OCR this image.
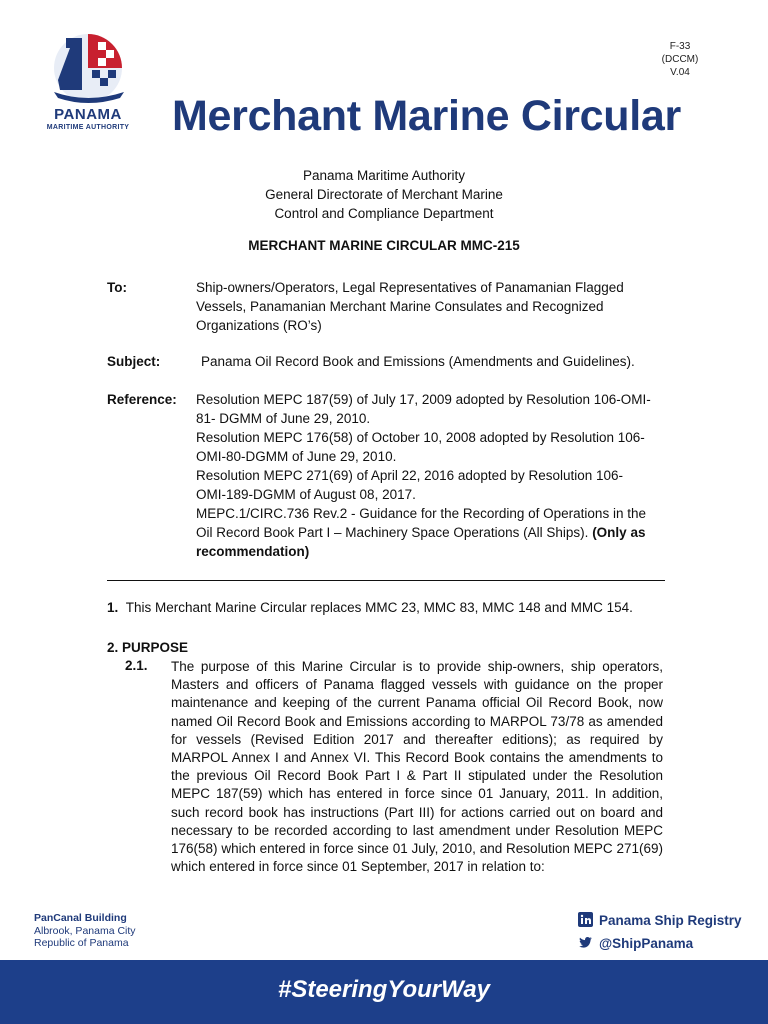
PANAMA
MARITIME AUTHORITY
F-33
(DCCM)
V.04
Merchant Marine Circular
Panama Maritime Authority
General Directorate of Merchant Marine
Control and Compliance Department
MERCHANT MARINE CIRCULAR MMC-215
To:	Ship-owners/Operators, Legal Representatives of Panamanian Flagged
Vessels, Panamanian Merchant Marine Consulates and Recognized
Organizations (RO’s)
Subject:	Panama Oil Record Book and Emissions (Amendments and Guidelines).
Reference: Resolution MEPC 187(59) of July 17, 2009 adopted by Resolution 106-OMI-
81- DGMM of June 29, 2010.
Resolution MEPC 176(58) of October 10, 2008 adopted by Resolution 106-
OMI-80-DGMM of June 29, 2010.
Resolution MEPC 271(69) of April 22, 2016 adopted by Resolution 106-
OMI-189-DGMM of August 08, 2017.
MEPC.1/CIRC.736 Rev.2 - Guidance for the Recording of Operations in the
Oil Record Book Part I – Machinery Space Operations (All Ships). (Only as
recommendation)
1. This Merchant Marine Circular replaces MMC 23, MMC 83, MMC 148 and MMC 154.
2. PURPOSE
2.1. The purpose of this Marine Circular is to provide ship-owners, ship operators, Masters and officers of Panama flagged vessels with guidance on the proper maintenance and keeping of the current Panama official Oil Record Book, now named Oil Record Book and Emissions according to MARPOL 73/78 as amended for vessels (Revised Edition 2017 and thereafter editions); as required by MARPOL Annex I and Annex VI. This Record Book contains the amendments to the previous Oil Record Book Part I & Part II stipulated under the Resolution MEPC 187(59) which has entered in force since 01 January, 2011. In addition, such record book has instructions (Part III) for actions carried out on board and necessary to be recorded according to last amendment under Resolution MEPC 176(58) which entered in force since 01 July, 2010, and Resolution MEPC 271(69) which entered in force since 01 September, 2017 in relation to:
PanCanal Building
Albrook, Panama City
Republic of Panama
Panama Ship Registry
@ShipPanama
#SteeringYourWay
